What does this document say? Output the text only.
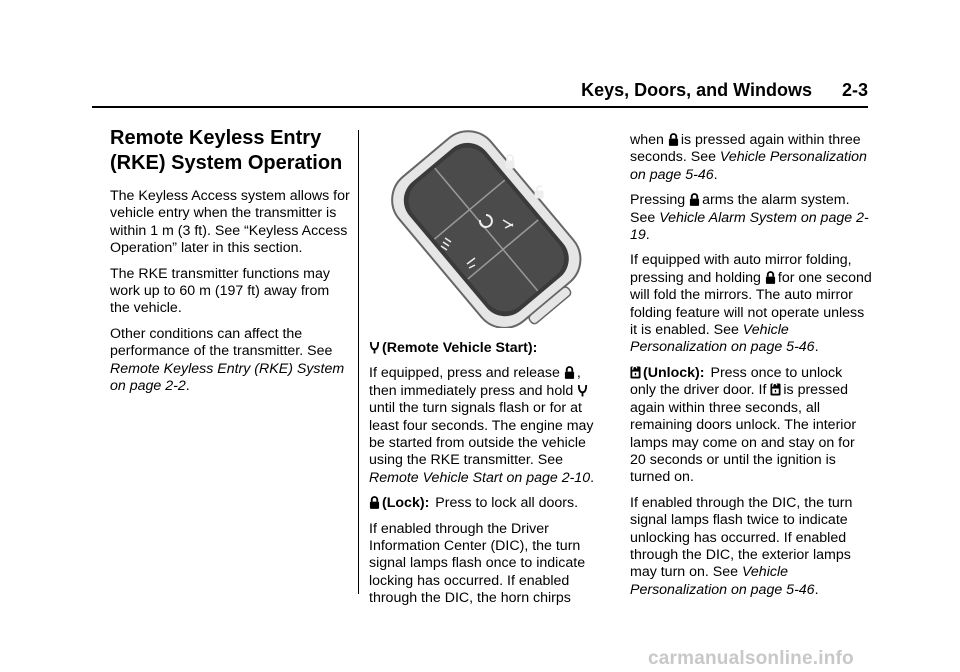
Keys, Doors, and Windows 2-3
Remote Keyless Entry
(RKE) System Operation

The Keyless Access system allows for vehicle entry when the transmitter is within 1 m (3 ft). See “Keyless Access Operation” later in this section.

The RKE transmitter functions may work up to 60 m (197 ft) away from the vehicle.

Other conditions can affect the performance of the transmitter. See Remote Keyless Entry (RKE) System on page 2-2.

(Remote Vehicle Start):

If equipped, press and release ,
then immediately press and hold
until the turn signals flash or for at least four seconds. The engine may be started from outside the vehicle using the RKE transmitter. See Remote Vehicle Start on page 2-10.

(Lock): Press to lock all doors.

If enabled through the Driver Information Center (DIC), the turn signal lamps flash once to indicate locking has occurred. If enabled through the DIC, the horn chirps

when is pressed again within three seconds. See Vehicle Personalization on page 5-46.

Pressing arms the alarm system. See Vehicle Alarm System on page 2-19.

If equipped with auto mirror folding, pressing and holding for one second will fold the mirrors. The auto mirror folding feature will not operate unless it is enabled. See Vehicle Personalization on page 5-46.

(Unlock): Press once to unlock only the driver door. If is pressed again within three seconds, all remaining doors unlock. The interior lamps may come on and stay on for 20 seconds or until the ignition is turned on.

If enabled through the DIC, the turn signal lamps flash twice to indicate unlocking has occurred. If enabled through the DIC, the exterior lamps may turn on. See Vehicle Personalization on page 5-46.

carmanualsonline.info
